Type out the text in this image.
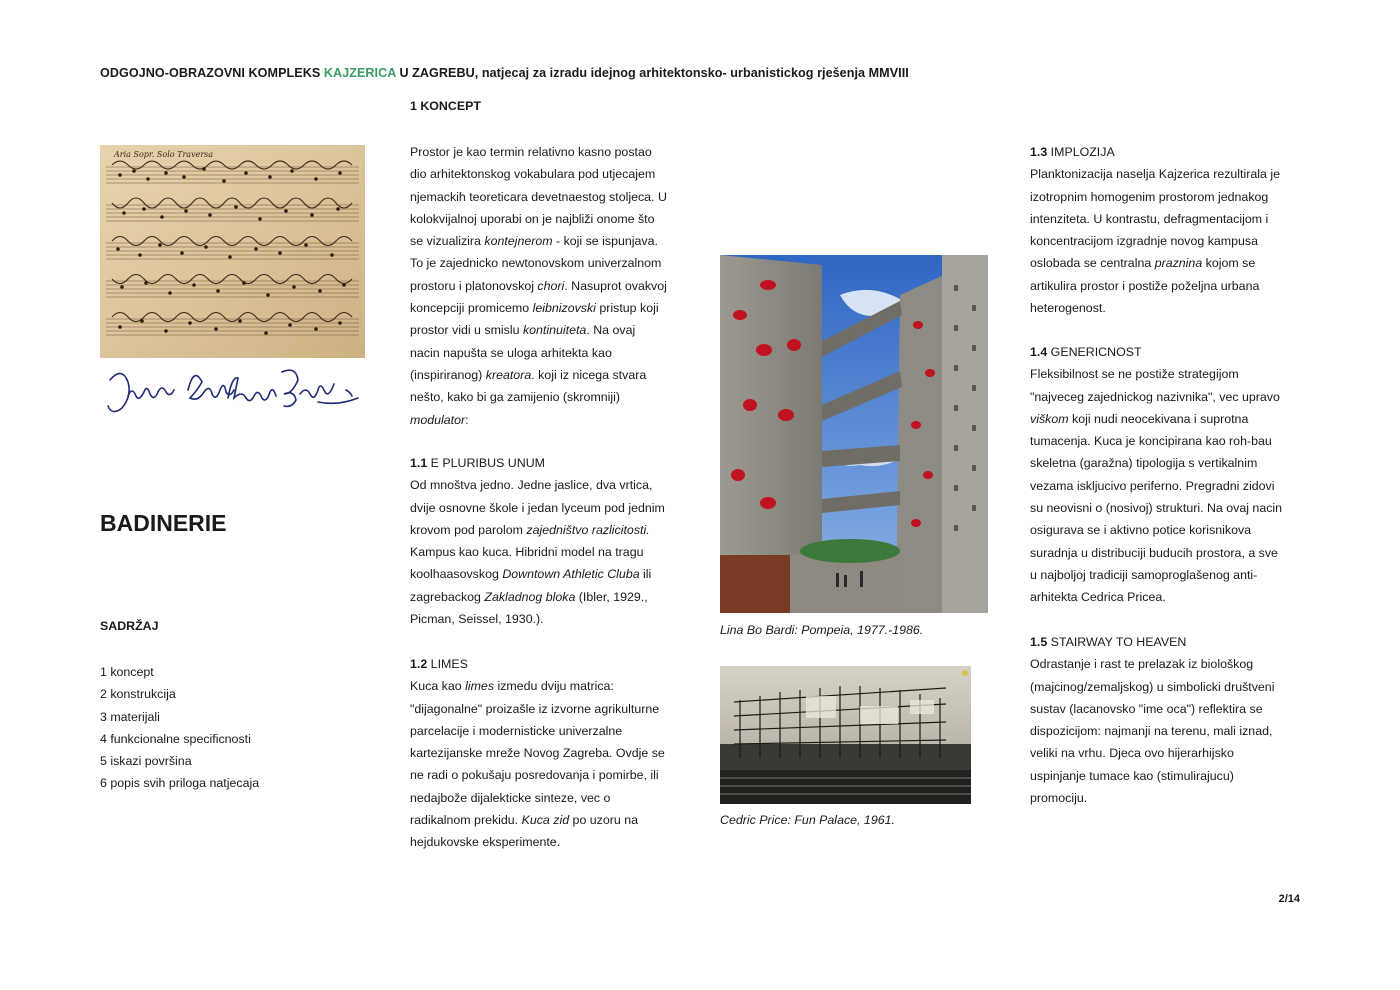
ODGOJNO-OBRAZOVNI KOMPLEKS KAJZERICA U ZAGREBU, natjecaj za izradu idejnog arhitektonsko- urbanistickog rješenja MMVIII
Aria Sopr. Solo Traversa
BADINERIE
SADRŽAJ
1 koncept
2 konstrukcija
3 materijali
4 funkcionalne specificnosti
5 iskazi površina
6 popis svih priloga natjecaja
1 KONCEPT
Prostor je kao termin relativno kasno postao
dio arhitektonskog vokabulara pod utjecajem
njemackih teoreticara devetnaestog stoljeca. U
kolokvijalnoj uporabi on je najbliži onome što
se vizualizira kontejnerom - koji se ispunjava.
To je zajednicko newtonovskom univerzalnom
prostoru i platonovskoj chori. Nasuprot ovakvoj
koncepciji promicemo leibnizovski pristup koji
prostor vidi u smislu kontinuiteta. Na ovaj
nacin napušta se uloga arhitekta kao
(inspiriranog) kreatora. koji iz nicega stvara
nešto, kako bi ga zamijenio (skromniji)
modulator:
1.1 E PLURIBUS UNUM
Od mnoštva jedno. Jedne jaslice, dva vrtica,
dvije osnovne škole i jedan lyceum pod jednim
krovom pod parolom zajedništvo razlicitosti.
Kampus kao kuca. Hibridni model na tragu
koolhaasovskog Downtown Athletic Cluba ili
zagrebackog Zakladnog bloka (Ibler, 1929.,
Picman, Seissel, 1930.).
1.2 LIMES
Kuca kao limes izmedu dviju matrica:
"dijagonalne" proizašle iz izvorne agrikulturne
parcelacije i modernisticke univerzalne
kartezijanske mreže Novog Zagreba. Ovdje se
ne radi o pokušaju posredovanja i pomirbe, ili
nedajbože dijalekticke sinteze, vec o
radikalnom prekidu. Kuca zid po uzoru na
hejdukovske eksperimente.
Lina Bo Bardi: Pompeia, 1977.-1986.
Cedric Price: Fun Palace, 1961.
1.3 IMPLOZIJA
Planktonizacija naselja Kajzerica rezultirala je
izotropnim homogenim prostorom jednakog
intenziteta. U kontrastu, defragmentacijom i
koncentracijom izgradnje novog kampusa
oslobada se centralna praznina kojom se
artikulira prostor i postiže poželjna urbana
heterogenost.
1.4 GENERICNOST
Fleksibilnost se ne postiže strategijom
"najveceg zajednickog nazivnika", vec upravo
viškom koji nudi neocekivana i suprotna
tumacenja. Kuca je koncipirana kao roh-bau
skeletna (garažna) tipologija s vertikalnim
vezama iskljucivo periferno. Pregradni zidovi
su neovisni o (nosivoj) strukturi. Na ovaj nacin
osigurava se i aktivno potice korisnikova
suradnja u distribuciji buducih prostora, a sve
u najboljoj tradiciji samoproglašenog anti-
arhitekta Cedrica Pricea.
1.5 STAIRWAY TO HEAVEN
Odrastanje i rast te prelazak iz biološkog
(majcinog/zemaljskog) u simbolicki društveni
sustav (lacanovsko "ime oca") reflektira se
dispozicijom: najmanji na terenu, mali iznad,
veliki na vrhu. Djeca ovo hijerarhijsko
uspinjanje tumace kao (stimulirajucu)
promociju.
2/14
